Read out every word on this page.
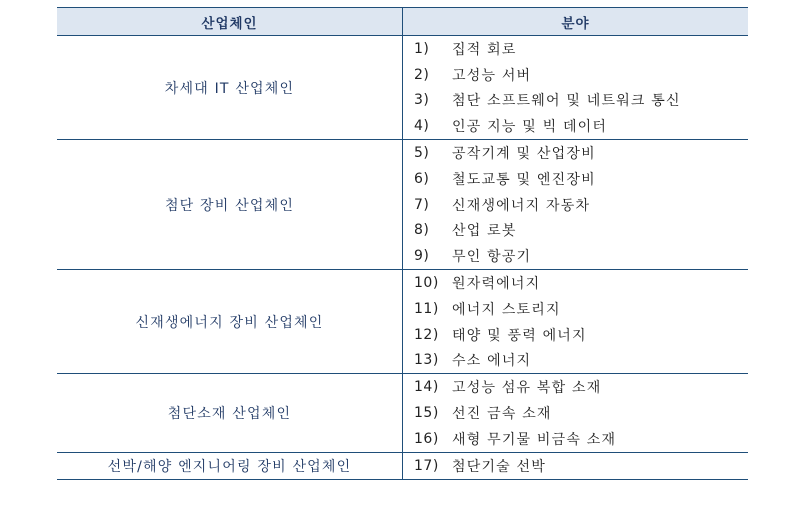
산업체인	분야
차세대 IT 산업체인
1)	집적 회로
2)	고성능 서버
3)	첨단 소프트웨어 및 네트워크 통신
4)	인공 지능 및 빅 데이터
첨단 장비 산업체인
5)	공작기계 및 산업장비
6)	철도교통 및 엔진장비
7)	신재생에너지 자동차
8)	산업 로봇
9)	무인 항공기
신재생에너지 장비 산업체인
10) 원자력에너지
11) 에너지 스토리지
12) 태양 및 풍력 에너지
13) 수소 에너지
첨단소재 산업체인
14) 고성능 섬유 복합 소재
15) 선진 금속 소재
16) 새형 무기물 비금속 소재
선박/해양 엔지니어링 장비 산업체인	17) 첨단기술 선박
